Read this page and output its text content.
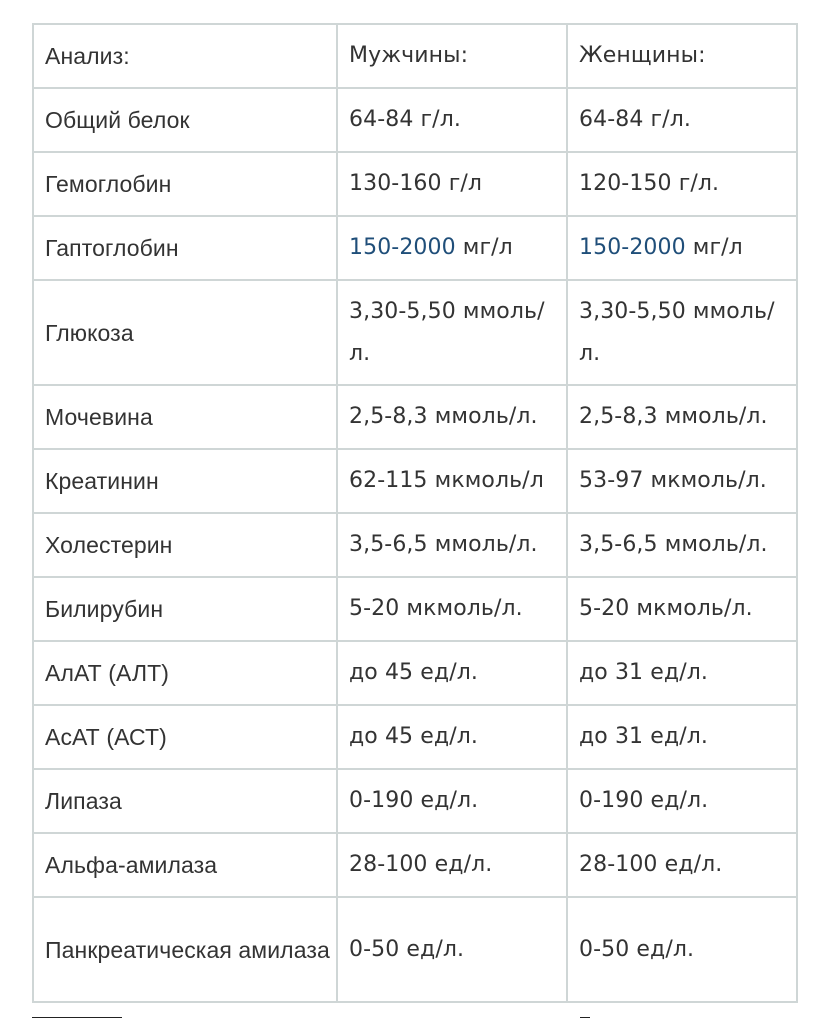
Анализ:	Мужчины:	Женщины:
Общий белок	64-84 г/л.	64-84 г/л.
Гемоглобин	130-160 г/л	120-150 г/л.
Гаптоглобин	150-2000 мг/л	150-2000 мг/л
Глюкоза	3,30-5,50 ммоль/л.	3,30-5,50 ммоль/л.
Мочевина	2,5-8,3 ммоль/л.	2,5-8,3 ммоль/л.
Креатинин	62-115 мкмоль/л	53-97 мкмоль/л.
Холестерин	3,5-6,5 ммоль/л.	3,5-6,5 ммоль/л.
Билирубин	5-20 мкмоль/л.	5-20 мкмоль/л.
АлАТ (АЛТ)	до 45 ед/л.	до 31 ед/л.
АсАТ (АСТ)	до 45 ед/л.	до 31 ед/л.
Липаза	0-190 ед/л.	0-190 ед/л.
Альфа-амилаза	28-100 ед/л.	28-100 ед/л.
Панкреатическая амилаза	0-50 ед/л.	0-50 ед/л.
